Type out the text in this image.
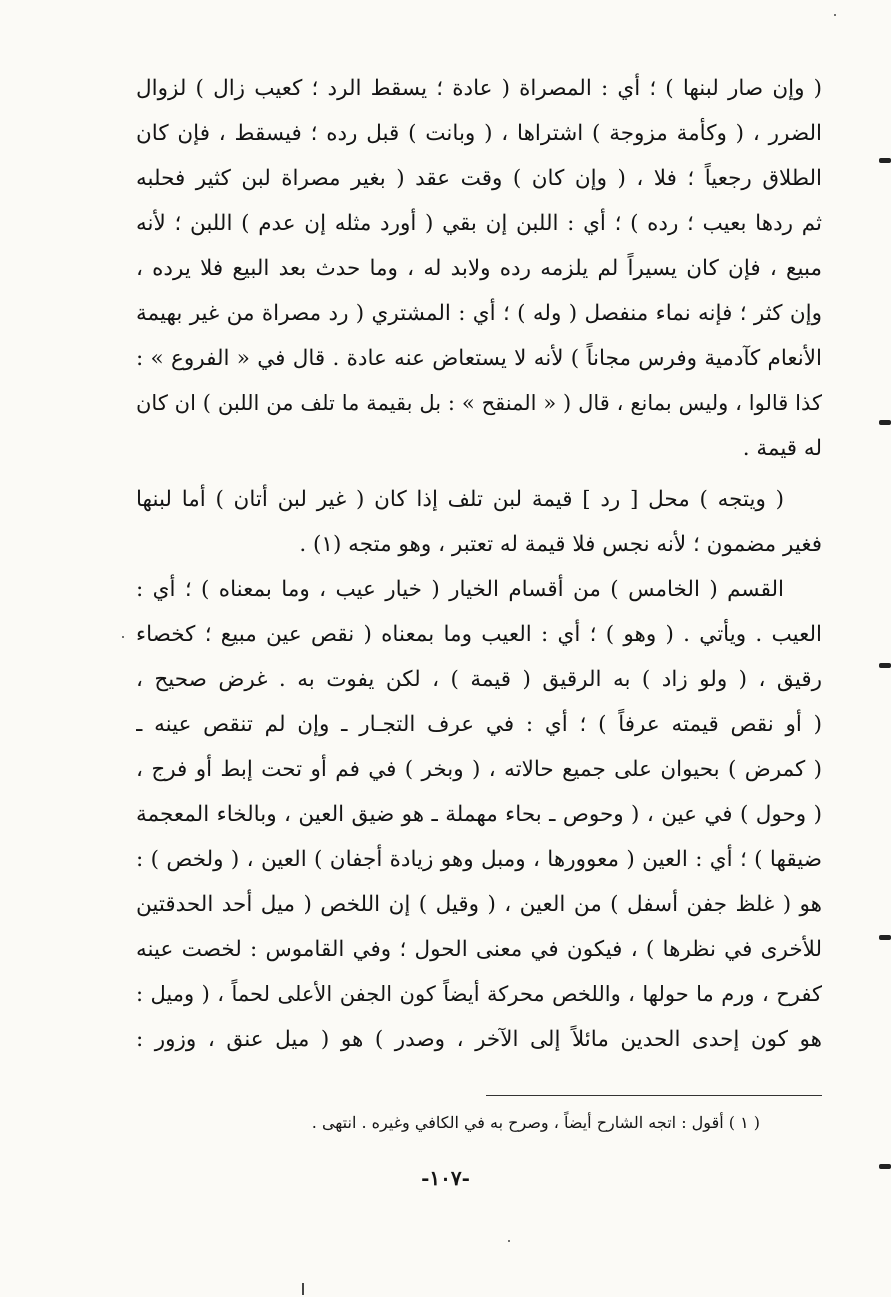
( وإن صار لبنها ) ؛ أي : المصراة ( عادة ؛ يسقط الرد ؛ كعيب زال ) لزوال
الضرر ، ( وكأمة مزوجة ) اشتراها ، ( وبانت ) قبل رده ؛ فيسقط ، فإن كان
الطلاق رجعياً ؛ فلا ، ( وإن كان ) وقت عقد ( بغير مصراة لبن كثير فحلبه
ثم ردها بعيب ؛ رده ) ؛ أي : اللبن إن بقي ( أورد مثله إن عدم ) اللبن ؛ لأنه
مبيع ، فإن كان يسيراً لم يلزمه رده ولابد له ، وما حدث بعد البيع فلا يرده ،
وإن كثر ؛ فإنه نماء منفصل ( وله ) ؛ أي : المشتري ( رد مصراة من غير بهيمة
الأنعام كآدمية وفرس مجاناً ) لأنه لا يستعاض عنه عادة . قال في « الفروع » :
كذا قالوا ، وليس بمانع ، قال ( « المنقح » : بل بقيمة ما تلف من اللبن ) ان كان
له قيمة .
( ويتجه ) محل [ رد ] قيمة لبن تلف إذا كان ( غير لبن أتان ) أما لبنها
فغير مضمون ؛ لأنه نجس فلا قيمة له تعتبر ، وهو متجه (١) .
القسم ( الخامس ) من أقسام الخيار ( خيار عيب ، وما بمعناه ) ؛ أي :
العيب . ويأتي . ( وهو ) ؛ أي : العيب وما بمعناه ( نقص عين مبيع ؛ كخصاء
رقيق ، ( ولو زاد ) به الرقيق ( قيمة ) ، لكن يفوت به . غرض صحيح ،
( أو نقص قيمته عرفاً ) ؛ أي : في عرف التجـار ـ وإن لم تنقص عينه ـ
( كمرض ) بحيوان على جميع حالاته ، ( وبخر ) في فم أو تحت إبط أو فرج ،
( وحول ) في عين ، ( وحوص ـ بحاء مهملة ـ هو ضيق العين ، وبالخاء المعجمة
ضيقها ) ؛ أي : العين ( معوورها ، ومبل وهو زيادة أجفان ) العين ، ( ولخص ) :
هو ( غلظ جفن أسفل ) من العين ، ( وقيل ) إن اللخص ( ميل أحد الحدقتين
للأخرى في نظرها ) ، فيكون في معنى الحول ؛ وفي القاموس : لخصت عينه
كفرح ، ورم ما حولها ، واللخص محركة أيضاً كون الجفن الأعلى لحماً ، ( وميل :
هو كون إحدى الحدين مائلاً إلى الآخر ، وصدر ) هو ( ميل عنق ، وزور :
( ١ ) أقول : اتجه الشارح أيضاً ، وصرح به في الكافي وغيره . انتهى .
-١٠٧-
